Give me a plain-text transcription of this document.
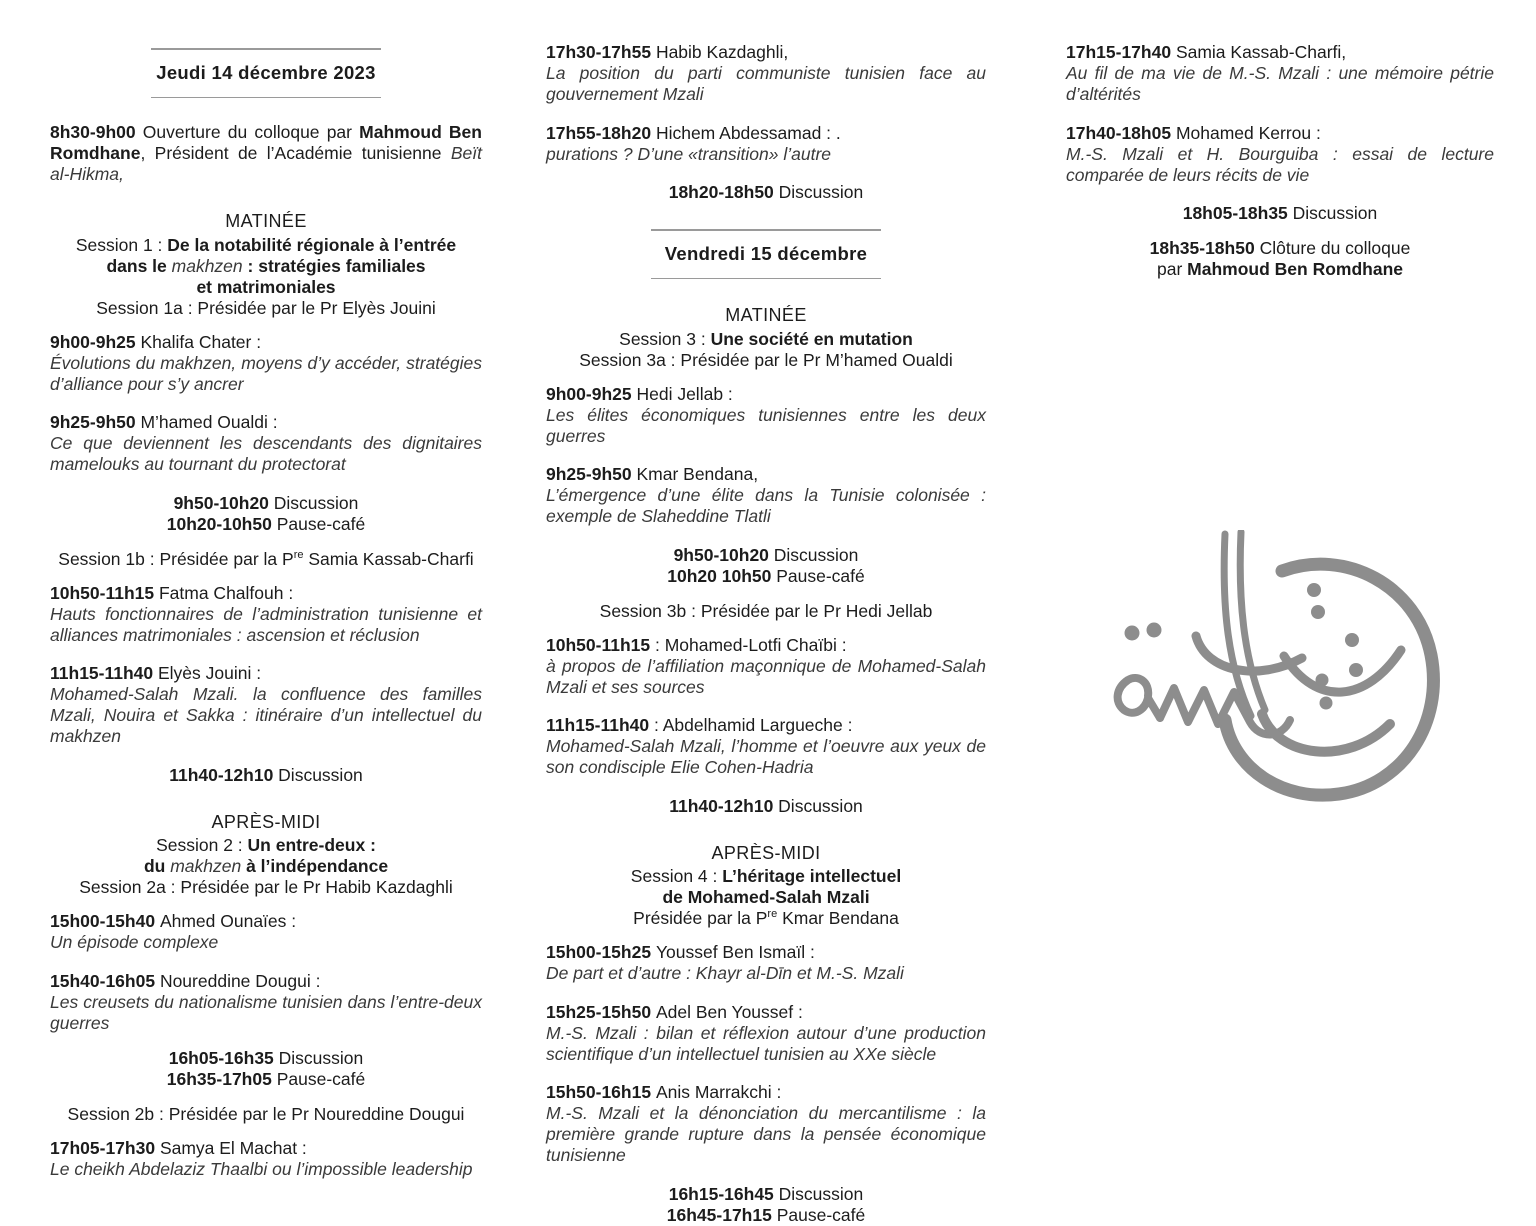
Jeudi 14 décembre 2023

8h30-9h00 Ouverture du colloque par Mahmoud Ben Romdhane, Président de l’Académie tunisienne Beït al-Hikma,

MATINÉE
Session 1 : De la notabilité régionale à l’entrée
dans le makhzen : stratégies familiales
et matrimoniales
Session 1a : Présidée par le Pr Elyès Jouini

9h00-9h25 Khalifa Chater :
Évolutions du makhzen, moyens d’y accéder, stratégies d’alliance pour s’y ancrer

9h25-9h50 M’hamed Oualdi :
Ce que deviennent les descendants des dignitaires mamelouks au tournant du protectorat

9h50-10h20 Discussion
10h20-10h50 Pause-café
Session 1b : Présidée par la $P^{re}$ Samia Kassab-Charfi

10h50-11h15 Fatma Chalfouh :
Hauts fonctionnaires de l’administration tunisienne et alliances matrimoniales : ascension et réclusion

11h15-11h40 Elyès Jouini :
Mohamed-Salah Mzali. la confluence des familles Mzali, Nouira et Sakka : itinéraire d’un intellectuel du makhzen

11h40-12h10 Discussion
APRÈS-MIDI
Session 2 : Un entre-deux :
du makhzen à l’indépendance
Session 2a : Présidée par le Pr Habib Kazdaghli

15h00-15h40 Ahmed Ounaïes :
Un épisode complexe

15h40-16h05 Noureddine Dougui :
Les creusets du nationalisme tunisien dans l’entre-deux guerres

16h05-16h35 Discussion
16h35-17h05 Pause-café
Session 2b : Présidée par le Pr Noureddine Dougui

17h05-17h30 Samya El Machat :
Le cheikh Abdelaziz Thaalbi ou l’impossible leadership

17h30-17h55 Habib Kazdaghli,
La position du parti communiste tunisien face au gouvernement Mzali

17h55-18h20 Hichem Abdessamad : .
purations ? D’une «transition» l’autre

18h20-18h50 Discussion
Vendredi 15 décembre
MATINÉE
Session 3 : Une société en mutation
Session 3a : Présidée par le Pr M’hamed Oualdi

9h00-9h25 Hedi Jellab :
Les élites économiques tunisiennes entre les deux guerres

9h25-9h50 Kmar Bendana,
L’émergence d’une élite dans la Tunisie colonisée : exemple de Slaheddine Tlatli

9h50-10h20 Discussion
10h20 10h50 Pause-café
Session 3b : Présidée par le Pr Hedi Jellab

10h50-11h15 : Mohamed-Lotfi Chaïbi :
à propos de l’affiliation maçonnique de Mohamed-Salah Mzali et ses sources

11h15-11h40 : Abdelhamid Largueche :
Mohamed-Salah Mzali, l’homme et l’oeuvre aux yeux de son condisciple Elie Cohen-Hadria

11h40-12h10 Discussion
APRÈS-MIDI
Session 4 : L’héritage intellectuel
de Mohamed-Salah Mzali
Présidée par la $P^{re}$ Kmar Bendana

15h00-15h25 Youssef Ben Ismaïl :
De part et d’autre : Khayr al-Dīn et M.-S. Mzali

15h25-15h50 Adel Ben Youssef :
M.-S. Mzali : bilan et réflexion autour d’une production scientifique d’un intellectuel tunisien au XXe siècle

15h50-16h15 Anis Marrakchi :
M.-S. Mzali et la dénonciation du mercantilisme : la première grande rupture dans la pensée économique tunisienne

16h15-16h45 Discussion
16h45-17h15 Pause-café

17h15-17h40 Samia Kassab-Charfi,
Au fil de ma vie de M.-S. Mzali : une mémoire pétrie d’altérités

17h40-18h05 Mohamed Kerrou :
M.-S. Mzali et H. Bourguiba : essai de lecture comparée de leurs récits de vie

18h05-18h35 Discussion
18h35-18h50 Clôture du colloque
par Mahmoud Ben Romdhane
